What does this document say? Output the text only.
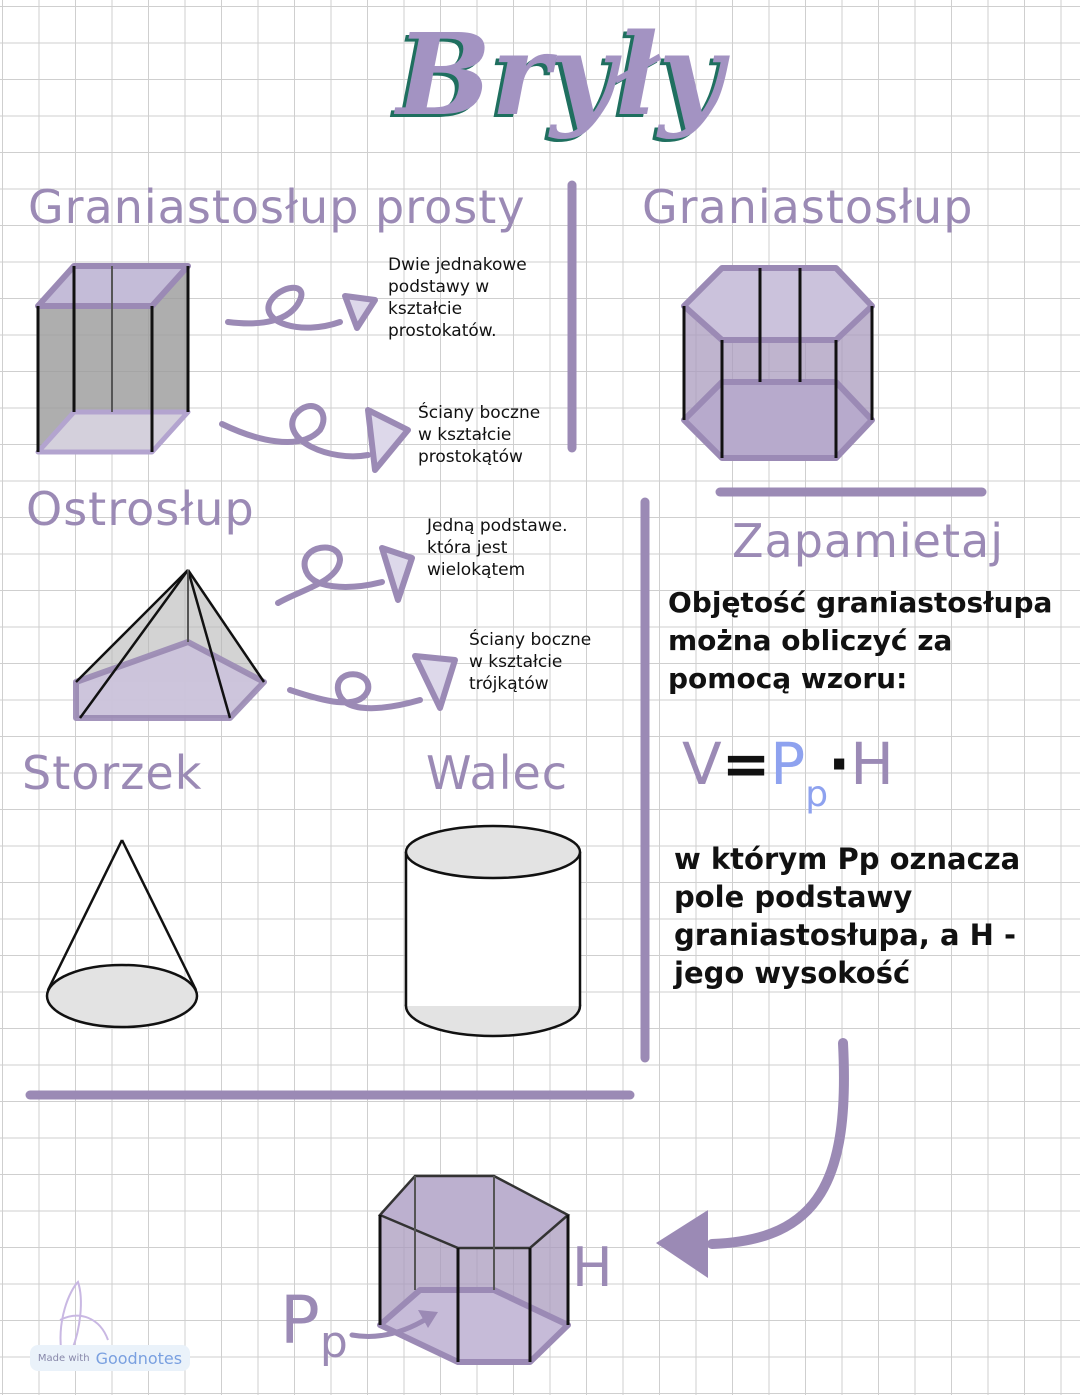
Bryły
Graniastosłup prosty	Graniastosłup
Ostrosłup
Storzek	Walec
Zapamietaj
Dwie jednakowe
podstawy w
kształcie
prostokatów.
Ściany boczne
w kształcie
prostokątów
Jedną podstawe.
która jest
wielokątem
Ściany boczne
w kształcie
trójkątów
Objętość graniastosłupa
można obliczyć za
pomocą wzoru:
$V=P_p\cdot H$
w którym Pp oznacza
pole podstawy
graniastosłupa, a H -
jego wysokość
H
$P_p$
Made with Goodnotes
